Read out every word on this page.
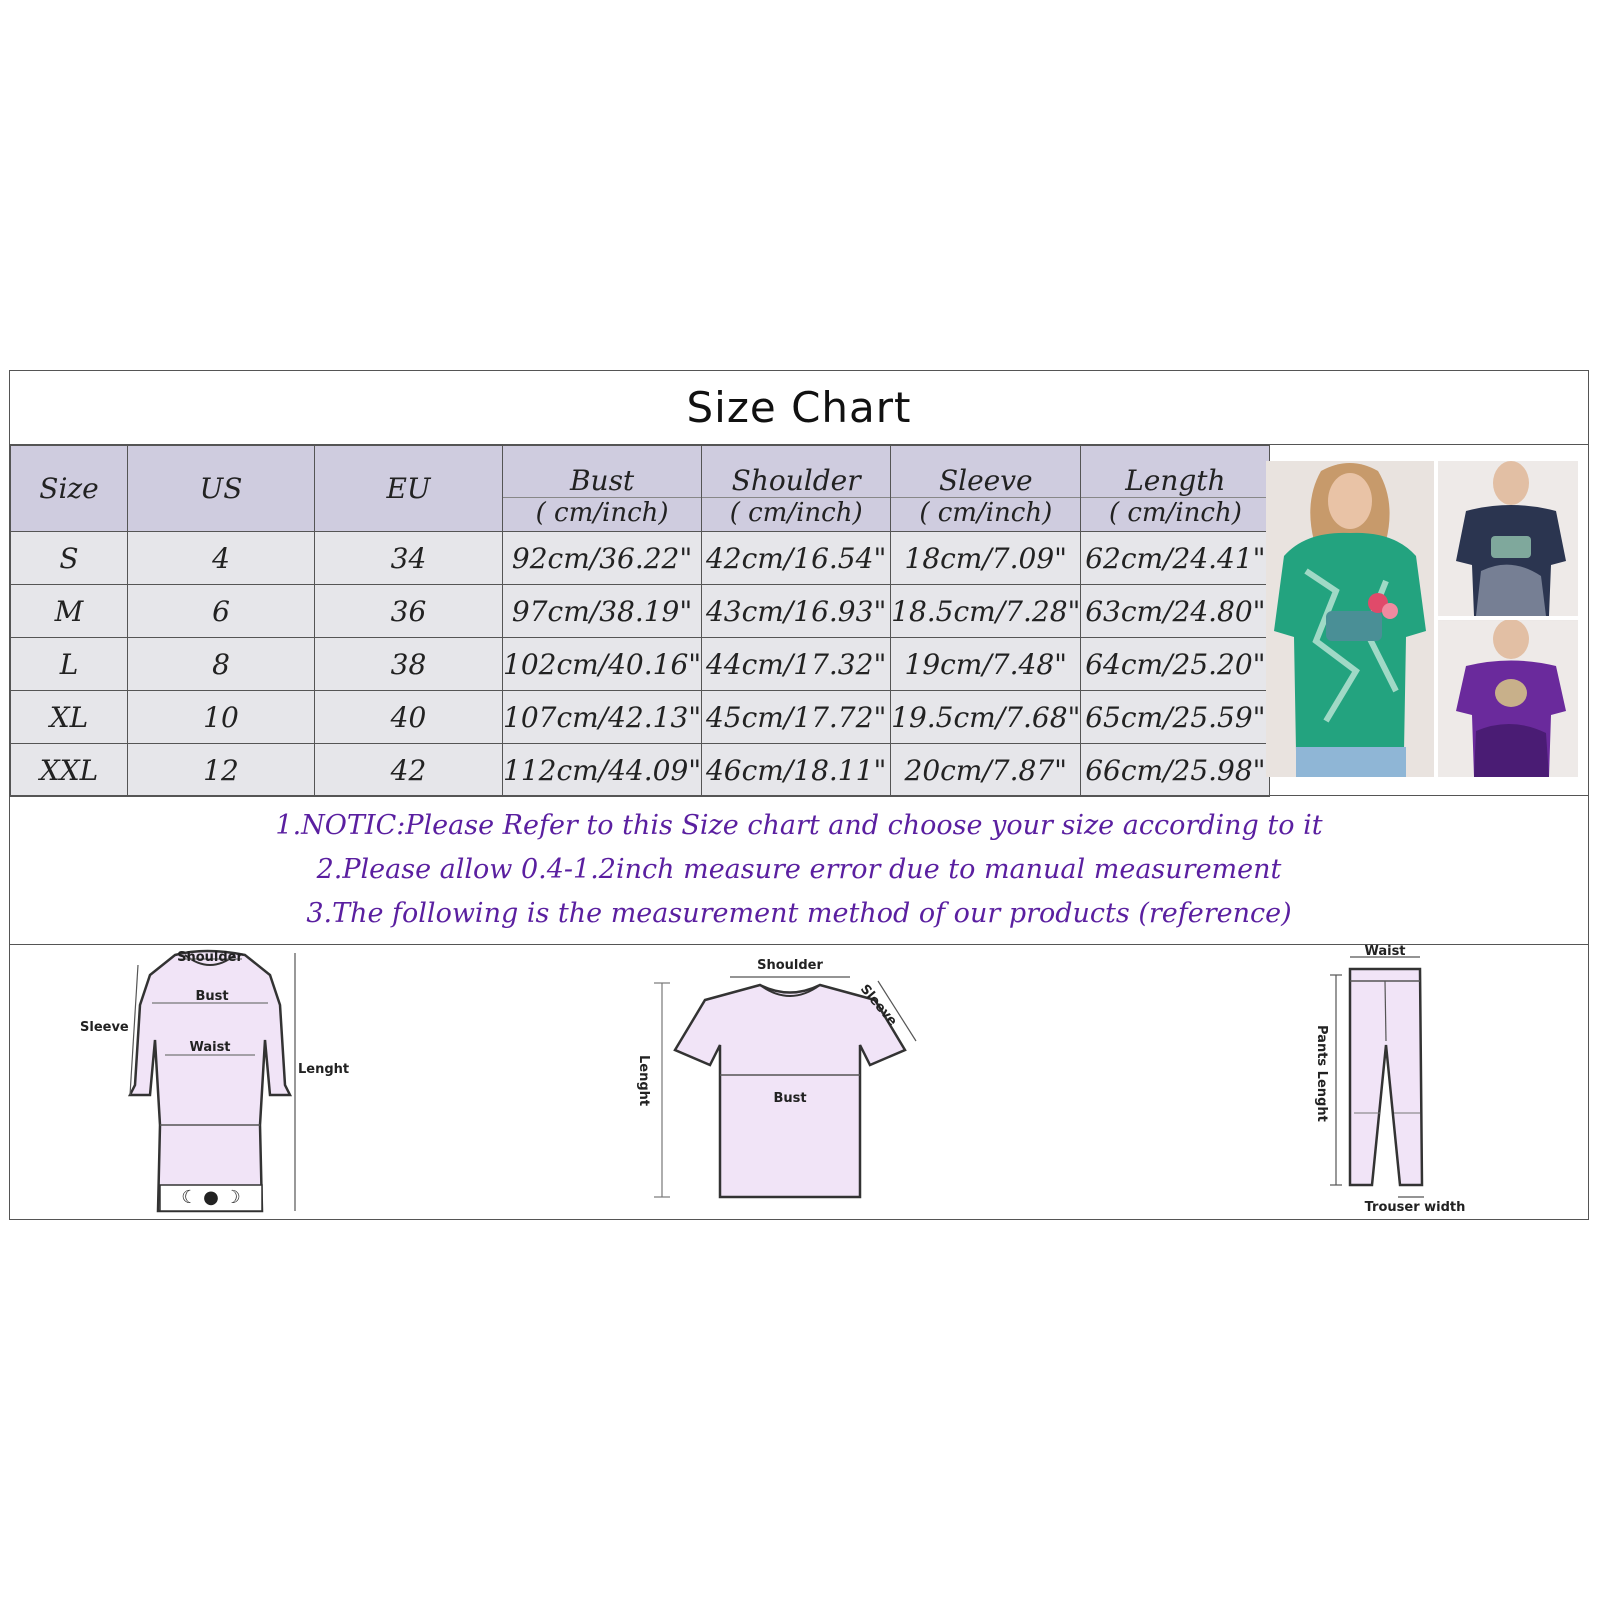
Size Chart
Size	US	EU	Bust	Shoulder	Sleeve	Length
			( cm/inch)	( cm/inch)	( cm/inch)	( cm/inch)
S	4	34	92cm/36.22"	42cm/16.54"	18cm/7.09"	62cm/24.41"
M	6	36	97cm/38.19"	43cm/16.93"	18.5cm/7.28"	63cm/24.80"
L	8	38	102cm/40.16"	44cm/17.32"	19cm/7.48"	64cm/25.20"
XL	10	40	107cm/42.13"	45cm/17.72"	19.5cm/7.68"	65cm/25.59"
XXL	12	42	112cm/44.09"	46cm/18.11"	20cm/7.87"	66cm/25.98"
1.NOTIC:Please Refer to this Size chart and choose your size according to it
2.Please allow 0.4-1.2inch measure error due to manual measurement
3.The following is the measurement method of our products (reference)
☾ ● ☽
Shoulder
Bust
Sleeve
Waist
Lenght
Shoulder
Sleeve
Lenght	Bust
Waist
Pants Lenght
Trouser width
